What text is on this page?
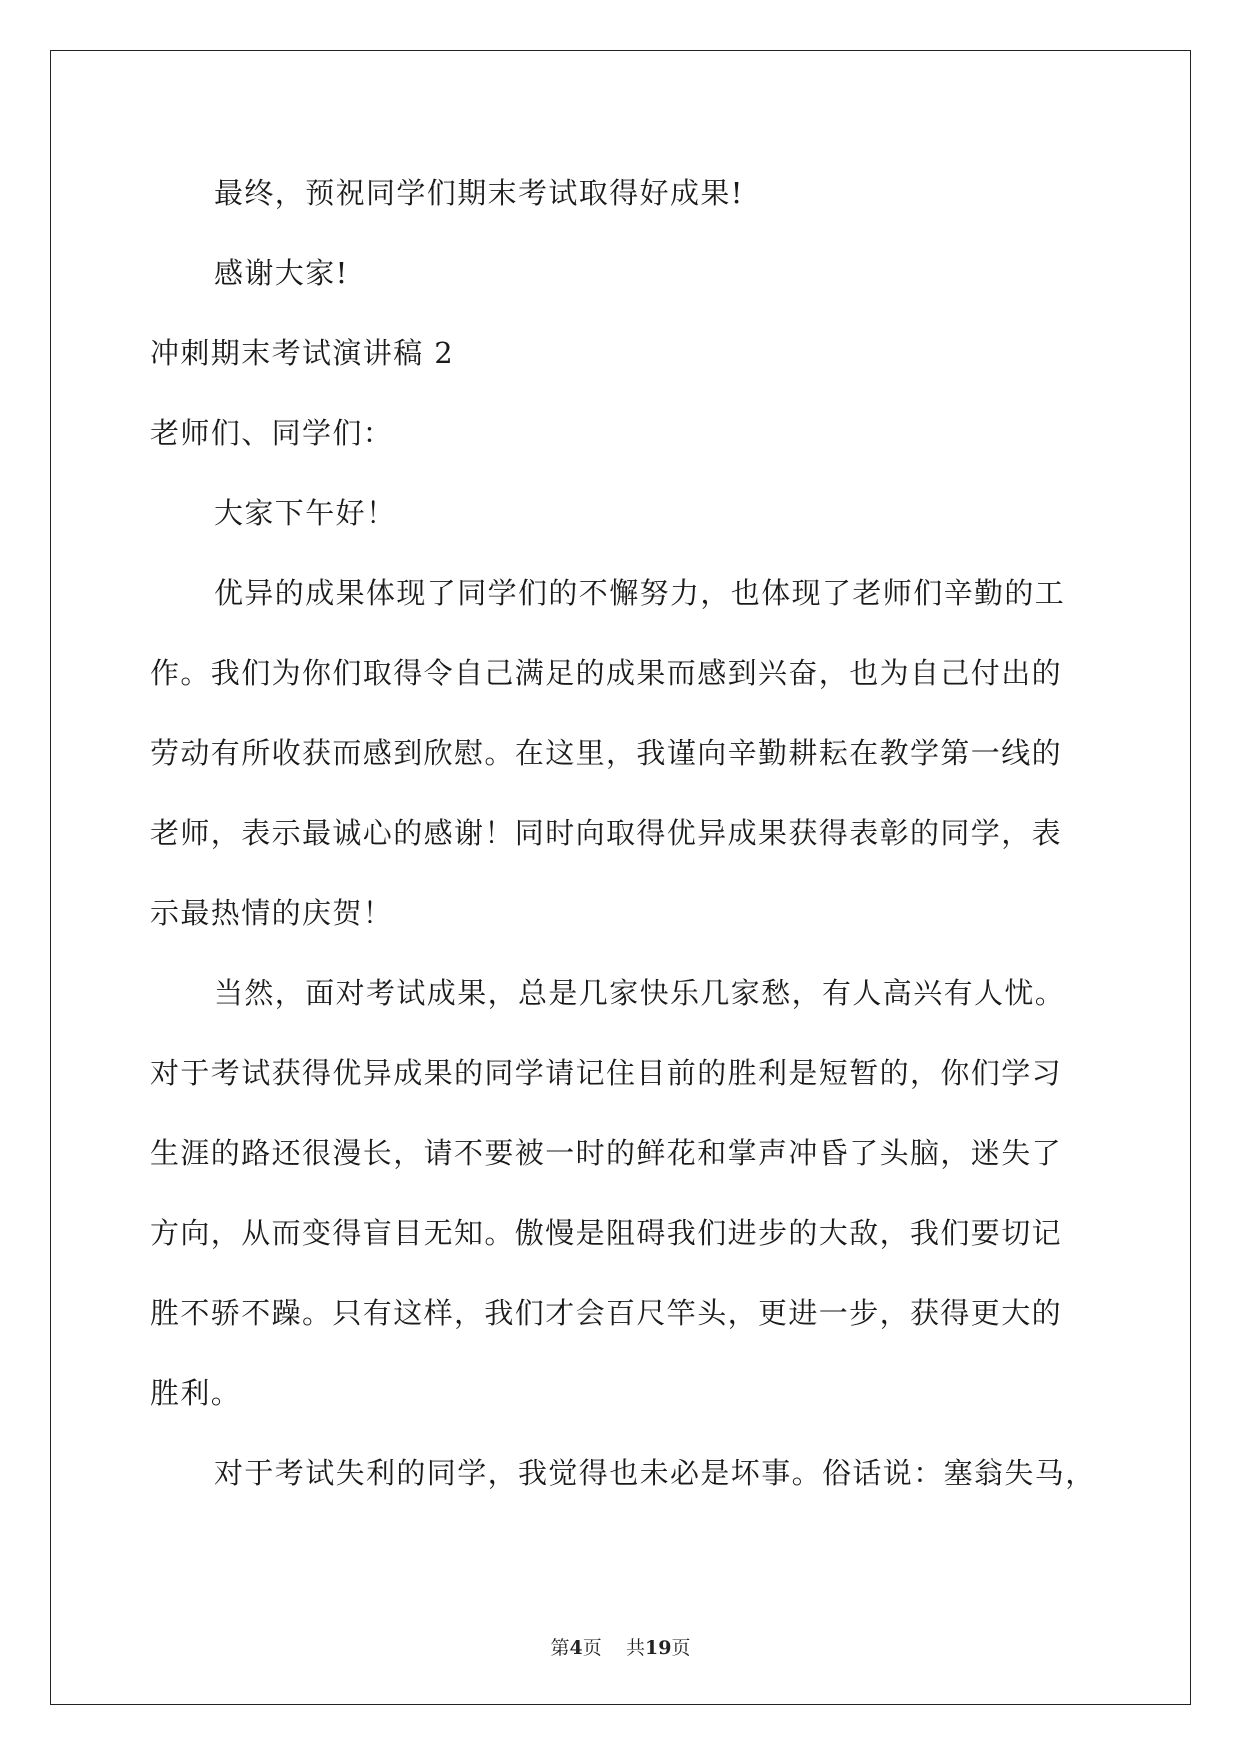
最终，预祝同学们期末考试取得好成果!
感谢大家!
冲刺期末考试演讲稿 2
老师们、同学们：
大家下午好！
优异的成果体现了同学们的不懈努力，也体现了老师们辛勤的工
作。我们为你们取得令自己满足的成果而感到兴奋，也为自己付出的
劳动有所收获而感到欣慰。在这里，我谨向辛勤耕耘在教学第一线的
老师，表示最诚心的感谢！同时向取得优异成果获得表彰的同学，表
示最热情的庆贺！
当然，面对考试成果，总是几家快乐几家愁，有人高兴有人忧。
对于考试获得优异成果的同学请记住目前的胜利是短暂的，你们学习
生涯的路还很漫长，请不要被一时的鲜花和掌声冲昏了头脑，迷失了
方向，从而变得盲目无知。傲慢是阻碍我们进步的大敌，我们要切记
胜不骄不躁。只有这样，我们才会百尺竿头，更进一步，获得更大的
胜利。
对于考试失利的同学，我觉得也未必是坏事。俗话说：塞翁失马，
第4页 共19页
